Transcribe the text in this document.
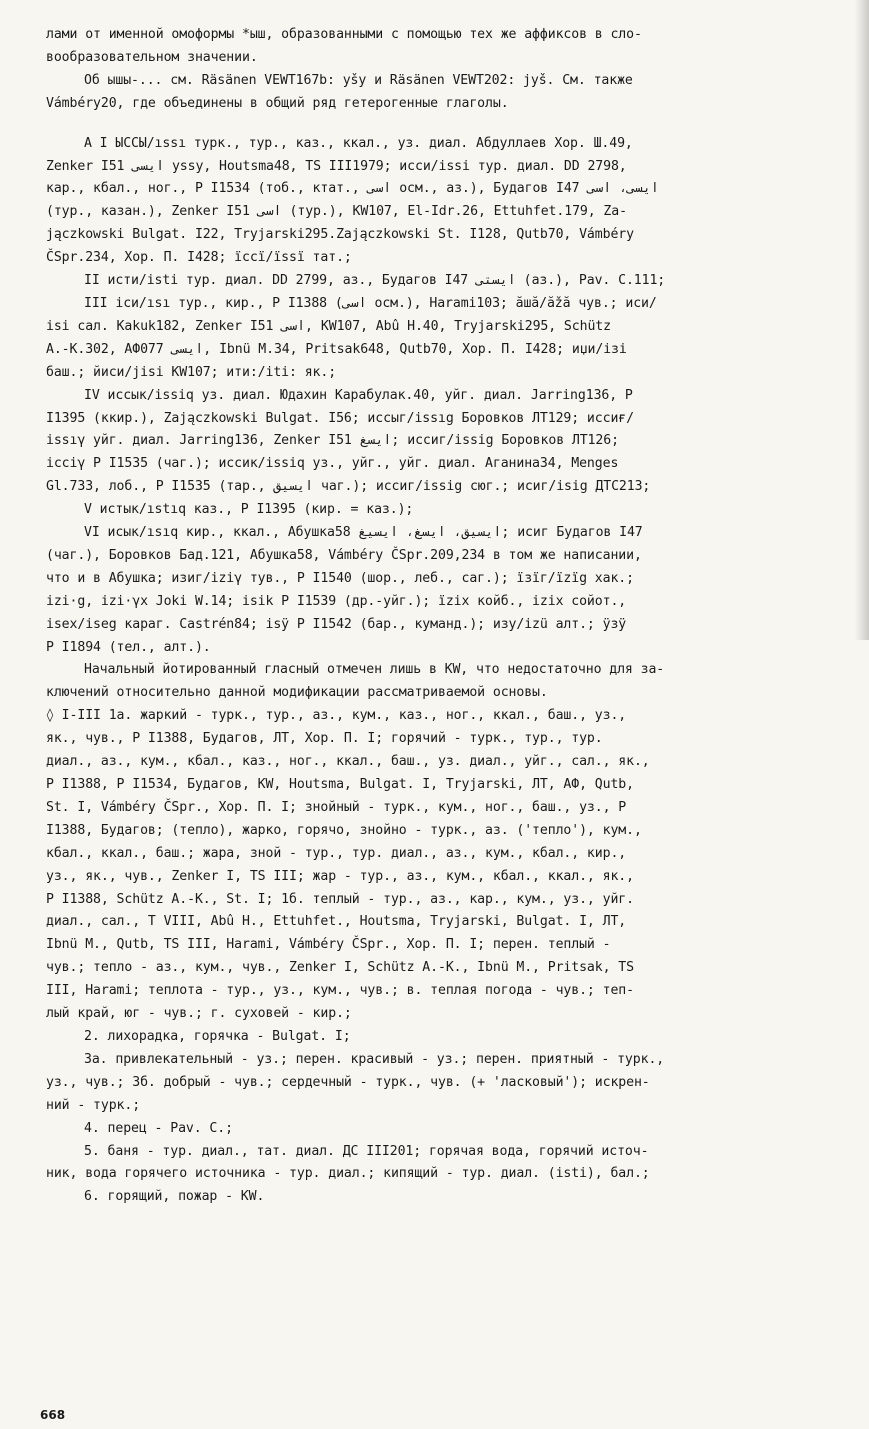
лами от именной омоформы *ыш, образованными с помощью тех же аффиксов в сло-

вообразовательном значении.

Об ышы-... см. Räsänen VEWT167b: yšy и Räsänen VEWT202: jyš. См. также

Vámbéry20, где объединены в общий ряд гетерогенные глаголы.

A I ЫССЫ/ıssı турк., тур., каз., ккал., уз. диал. Абдуллаев Хор. Ш.49,

Zenker I51 ایسی yssy, Houtsma48, TS III1979; исси/issi тур. диал. DD 2798,

кар., кбал., ног., Р I1534 (тоб., ктат., اسی осм., аз.), Будагов I47 ایسی، اسی

(тур., казан.), Zenker I51 اسی (тур.), KW107, El-Idr.26, Ettuhfet.179, Za-

jączkowski Bulgat. I22, Tryjarski295.Zajączkowski St. I128, Qutb70, Vámbéry

ČSpr.234, Хор. П. I428; ïccï/ïssï тат.;

II исти/isti тур. диал. DD 2799, аз., Будагов I47 ایستی (аз.), Pav. C.111;

III іси/ısı тур., кир., Р I1388 (اسی осм.), Harami103; ăшă/ăžă чув.; иси/

isi сал. Kakuk182, Zenker I51 اسی, KW107, Abû H.40, Tryjarski295, Schütz

A.-K.302, АФ077 ایسی, Ibnü M.34, Pritsak648, Qutb70, Хор. П. I428; иџи/iзi

баш.; йиси/jisi KW107; ити:/iti: як.;

IV иссык/issiq уз. диал. Юдахин Карабулак.40, уйг. диал. Jarring136, Р

I1395 (ккир.), Zajączkowski Bulgat. I56; иссыг/issıg Боровков ЛТ129; иссиғ/

issıγ уйг. диал. Jarring136, Zenker I51 ایسغ; иссиг/issig Боровков ЛТ126;

icciγ Р I1535 (чаг.); иссик/issiq уз., уйг., уйг. диал. Аганина34, Menges

Gl.733, лоб., Р I1535 (тар., ایسیق чаг.); иссиг/issig сюг.; исиг/isig ДТС213;

V истык/ıstıq каз., Р I1395 (кир. = каз.);

VI исык/ısıq кир., ккал., Абушка58 ایسیق، ایسغ، ایسیغ; исиг Будагов I47

(чаг.), Боровков Бад.121, Абушка58, Vámbéry ČSpr.209,234 в том же написании,

что и в Абушка; изиг/iziγ тув., Р I1540 (шор., леб., саг.); їзїг/ïzïg хак.;

izi·g, izi·γx Joki W.14; isik Р I1539 (др.-уйг.); ïzix койб., izix сойот.,

isex/iseg караг. Castrén84; isÿ Р I1542 (бар., куманд.); изу/izü алт.; ÿзÿ

Р I1894 (тел., алт.).

Начальный йотированный гласный отмечен лишь в KW, что недостаточно для за-

ключений относительно данной модификации рассматриваемой основы.

◊ I-III 1a. жаркий - турк., тур., аз., кум., каз., ног., ккал., баш., уз.,

як., чув., Р I1388, Будагов, ЛТ, Хор. П. I; горячий - турк., тур., тур.

диал., аз., кум., кбал., каз., ног., ккал., баш., уз. диал., уйг., сал., як.,

Р I1388, Р I1534, Будагов, KW, Houtsma, Bulgat. I, Tryjarski, ЛТ, АФ, Qutb,

St. I, Vámbéry ČSpr., Хор. П. I; знойный - турк., кум., ног., баш., уз., Р

I1388, Будагов; (тепло), жарко, горячо, знойно - турк., аз. ('тепло'), кум.,

кбал., ккал., баш.; жара, зной - тур., тур. диал., аз., кум., кбал., кир.,

уз., як., чув., Zenker I, TS III; жар - тур., аз., кум., кбал., ккал., як.,

Р I1388, Schütz A.-K., St. I; 1б. теплый - тур., аз., кар., кум., уз., уйг.

диал., сал., T VIII, Abû H., Ettuhfet., Houtsma, Tryjarski, Bulgat. I, ЛТ,

Ibnü M., Qutb, TS III, Harami, Vámbéry ČSpr., Хор. П. I; перен. теплый -

чув.; тепло - аз., кум., чув., Zenker I, Schütz A.-K., Ibnü M., Pritsak, TS

III, Harami; теплота - тур., уз., кум., чув.; в. теплая погода - чув.; теп-

лый край, юг - чув.; г. суховей - кир.;

2. лихорадка, горячка - Bulgat. I;

3a. привлекательный - уз.; перен. красивый - уз.; перен. приятный - турк.,

уз., чув.; 3б. добрый - чув.; сердечный - турк., чув. (+ 'ласковый'); искрен-

ний - турк.;

4. перец - Pav. C.;

5. баня - тур. диал., тат. диал. ДС III201; горячая вода, горячий источ-

ник, вода горячего источника - тур. диал.; кипящий - тур. диал. (isti), бал.;

6. горящий, пожар - KW.

668
